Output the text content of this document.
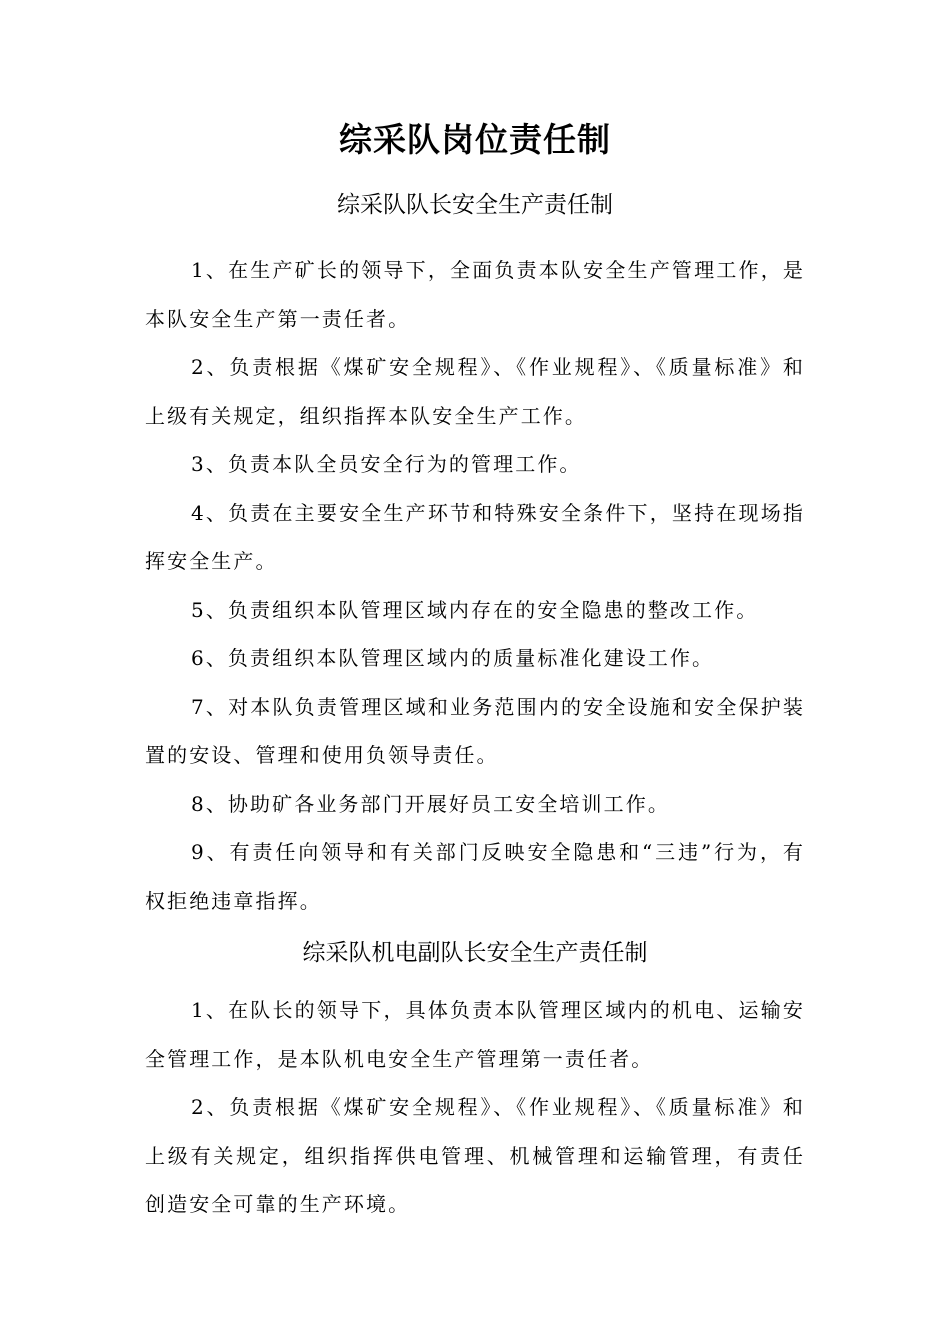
综采队岗位责任制
综采队队长安全生产责任制

1、在生产矿长的领导下，全面负责本队安全生产管理工作，是本队安全生产第一责任者。

2、负责根据《煤矿安全规程》、《作业规程》、《质量标准》和上级有关规定，组织指挥本队安全生产工作。

3、负责本队全员安全行为的管理工作。

4、负责在主要安全生产环节和特殊安全条件下，坚持在现场指挥安全生产。

5、负责组织本队管理区域内存在的安全隐患的整改工作。

6、负责组织本队管理区域内的质量标准化建设工作。

7、对本队负责管理区域和业务范围内的安全设施和安全保护装置的安设、管理和使用负领导责任。

8、协助矿各业务部门开展好员工安全培训工作。

9、有责任向领导和有关部门反映安全隐患和“三违”行为，有权拒绝违章指挥。

综采队机电副队长安全生产责任制

1、在队长的领导下，具体负责本队管理区域内的机电、运输安全管理工作，是本队机电安全生产管理第一责任者。

2、负责根据《煤矿安全规程》、《作业规程》、《质量标准》和上级有关规定，组织指挥供电管理、机械管理和运输管理，有责任创造安全可靠的生产环境。
